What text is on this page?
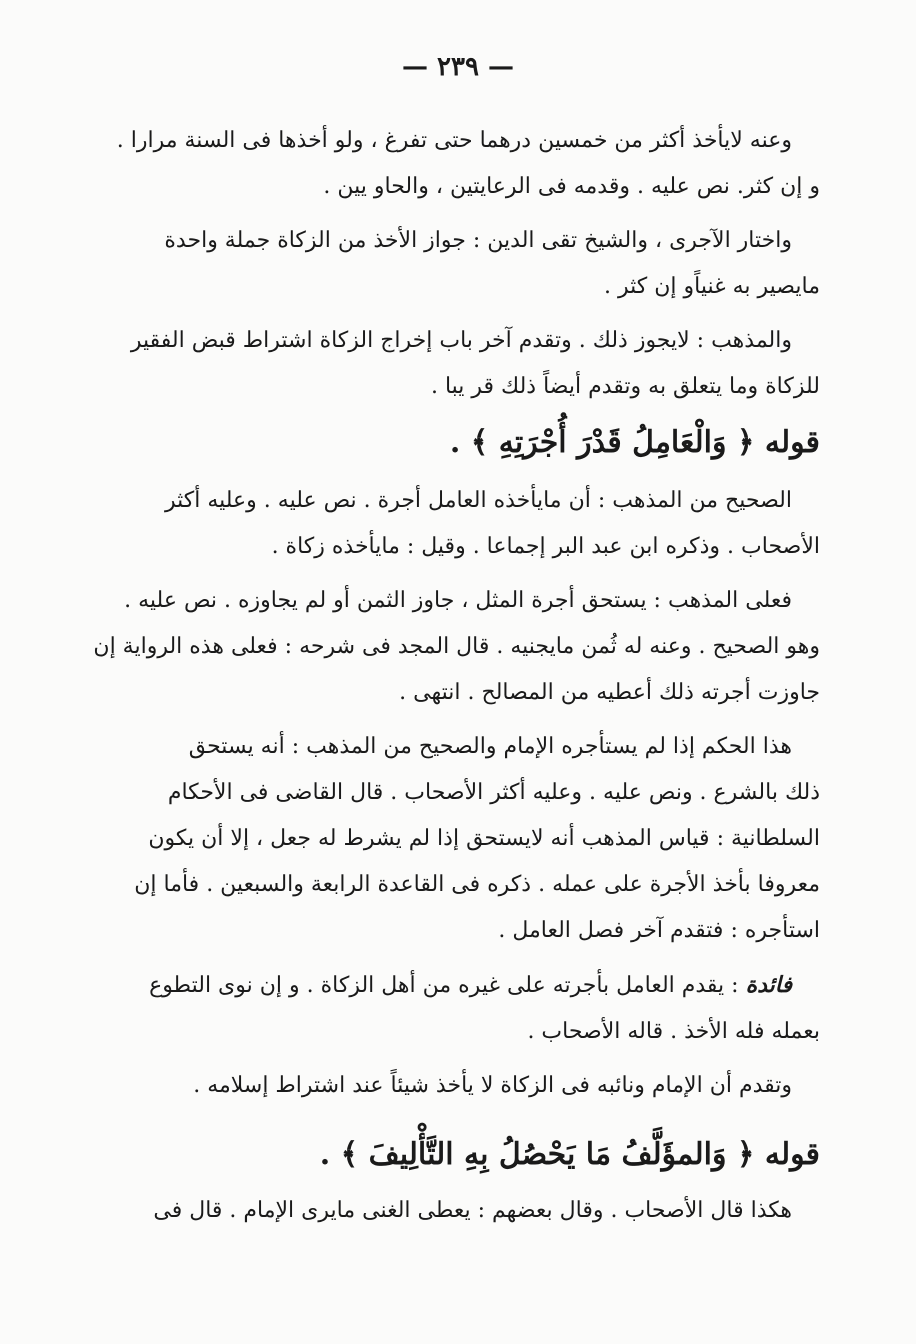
— ٢٣٩ —
وعنه لايأخذ أكثر من خمسين درهما حتى تفرغ ، ولو أخذها فى السنة مرارا .
و إن كثر. نص عليه . وقدمه فى الرعايتين ، والحاو يين .
واختار الآجرى ، والشيخ تقى الدين : جواز الأخذ من الزكاة جملة واحدة
مايصير به غنياًو إن كثر .
والمذهب : لايجوز ذلك . وتقدم آخر باب إخراج الزكاة اشتراط قبض الفقير
للزكاة وما يتعلق به وتقدم أيضاً ذلك قر يبا .
قوله ﴿ وَالْعَامِلُ قَدْرَ أُجْرَتِهِ ﴾ .
الصحيح من المذهب : أن مايأخذه العامل أجرة . نص عليه . وعليه أكثر
الأصحاب . وذكره ابن عبد البر إجماعا . وقيل : مايأخذه زكاة .
فعلى المذهب : يستحق أجرة المثل ، جاوز الثمن أو لم يجاوزه . نص عليه .
وهو الصحيح . وعنه له ثُمن مايجنيه . قال المجد فى شرحه : فعلى هذه الرواية إن
جاوزت أجرته ذلك أعطيه من المصالح . انتهى .
هذا الحكم إذا لم يستأجره الإمام والصحيح من المذهب : أنه يستحق
ذلك بالشرع . ونص عليه . وعليه أكثر الأصحاب . قال القاضى فى الأحكام
السلطانية : قياس المذهب أنه لايستحق إذا لم يشرط له جعل ، إلا أن يكون
معروفا بأخذ الأجرة على عمله . ذكره فى القاعدة الرابعة والسبعين . فأما إن
استأجره : فتقدم آخر فصل العامل .
فائدة : يقدم العامل بأجرته على غيره من أهل الزكاة . و إن نوى التطوع
بعمله فله الأخذ . قاله الأصحاب .
وتقدم أن الإمام ونائبه فى الزكاة لا يأخذ شيئاً عند اشتراط إسلامه .
قوله ﴿ وَالمؤَلَّفُ مَا يَحْصُلُ بِهِ التَّأْلِيفَ ﴾ .
هكذا قال الأصحاب . وقال بعضهم : يعطى الغنى مايرى الإمام . قال فى
